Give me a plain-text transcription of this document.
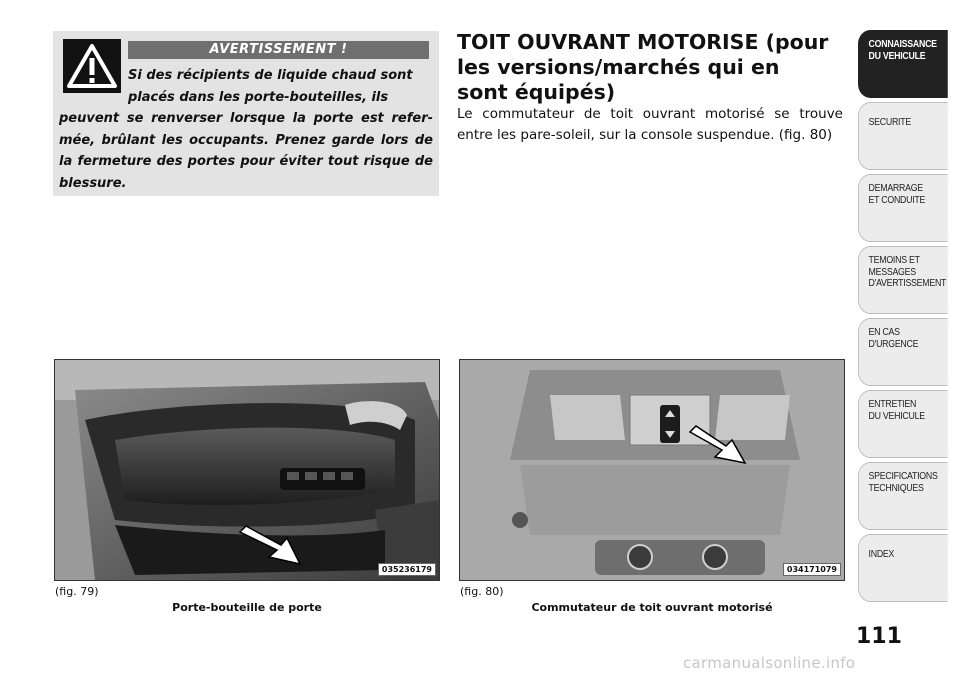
AVERTISSEMENT !
Si des récipients de liquide chaud sont
placés dans les porte-bouteilles, ils
peuvent se renverser lorsque la porte est refer- mée, brûlant les occupants. Prenez garde lors de la fermeture des portes pour éviter tout risque de blessure.
TOIT OUVRANT MOTORISE (pour les versions/marchés qui en sont équipés)
Le commutateur de toit ouvrant motorisé se trouve entre les pare-soleil, sur la console suspendue. (fig. 80)
035236179	034171079
(fig. 79)
Porte-bouteille de porte
(fig. 80)
Commutateur de toit ouvrant motorisé
CONNAISSANCE
DU VEHICULE
SECURITE
DEMARRAGE
ET CONDUITE
TEMOINS ET
MESSAGES
D'AVERTISSEMENT
EN CAS
D'URGENCE
ENTRETIEN
DU VEHICULE
SPECIFICATIONS
TECHNIQUES
INDEX
111
carmanualsonline.info
